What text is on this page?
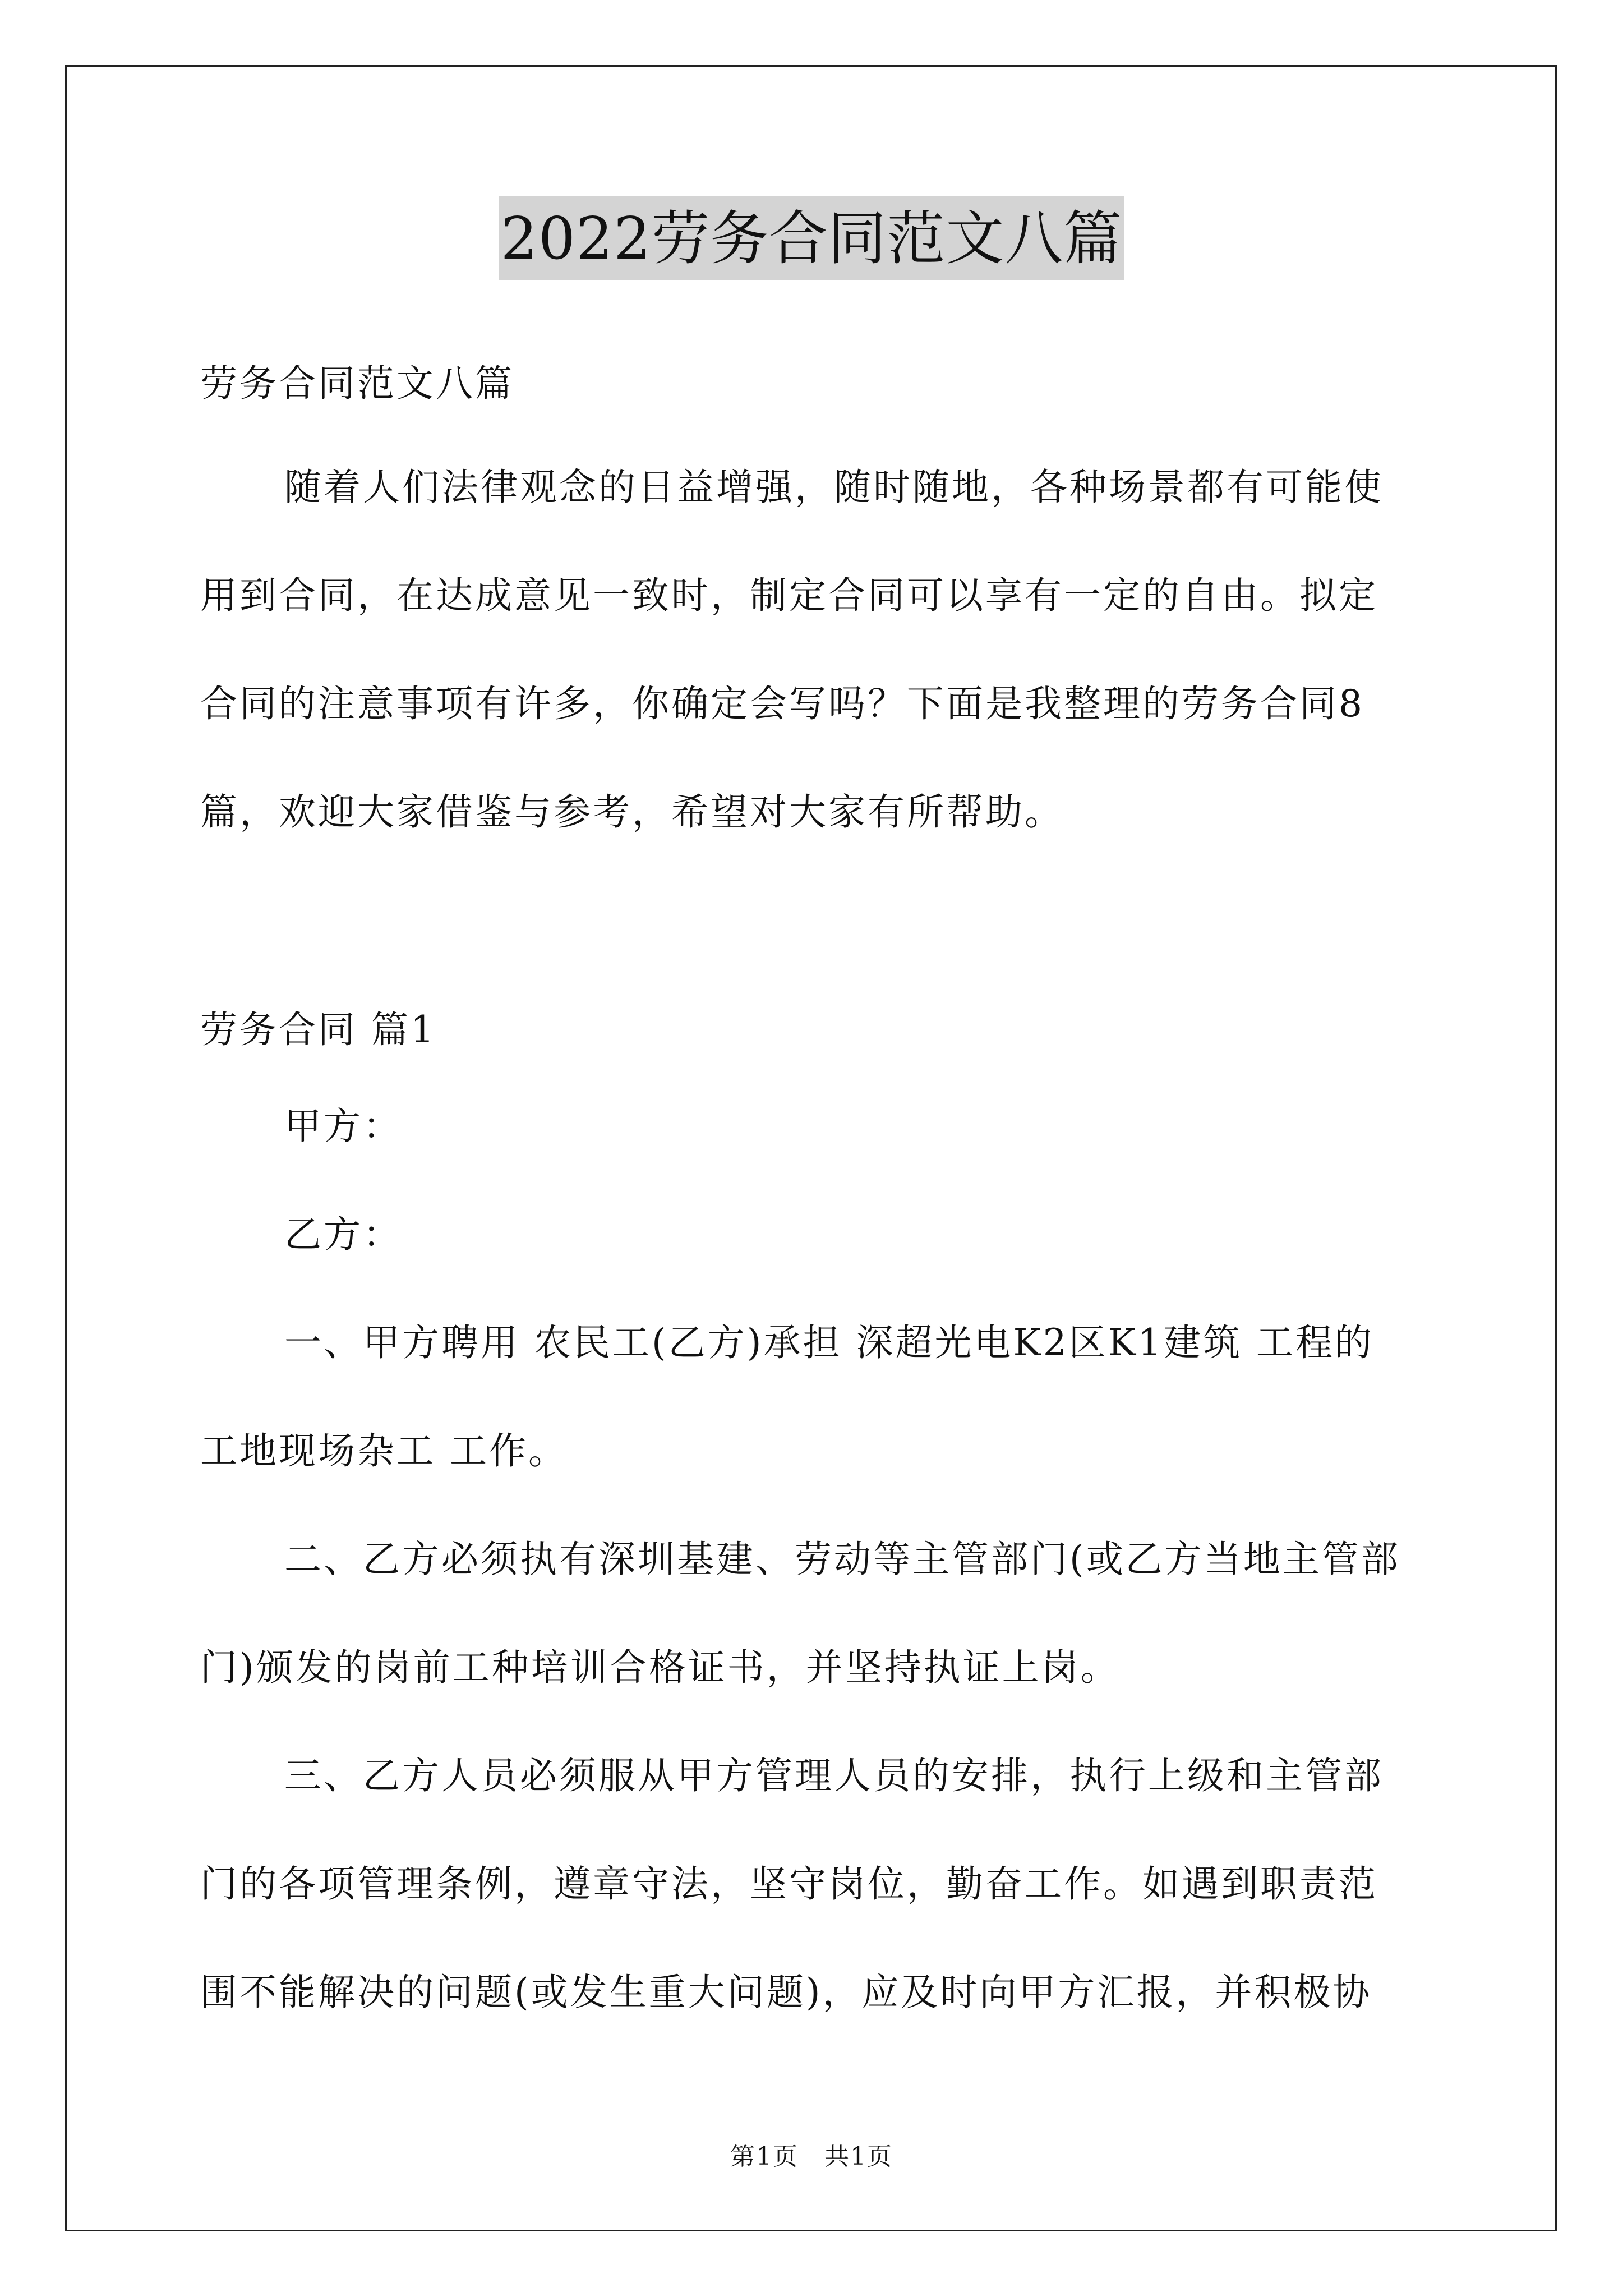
2022劳务合同范文八篇
劳务合同范文八篇
随着人们法律观念的日益增强，随时随地，各种场景都有可能使
用到合同，在达成意见一致时，制定合同可以享有一定的自由。拟定
合同的注意事项有许多，你确定会写吗？下面是我整理的劳务合同8
篇，欢迎大家借鉴与参考，希望对大家有所帮助。
劳务合同 篇1
甲方：
乙方：
一、甲方聘用 农民工(乙方)承担 深超光电K2区K1建筑 工程的
工地现场杂工 工作。
二、乙方必须执有深圳基建、劳动等主管部门(或乙方当地主管部
门)颁发的岗前工种培训合格证书，并坚持执证上岗。
三、乙方人员必须服从甲方管理人员的安排，执行上级和主管部
门的各项管理条例，遵章守法，坚守岗位，勤奋工作。如遇到职责范
围不能解决的问题(或发生重大问题)，应及时向甲方汇报，并积极协
第1页　共1页
